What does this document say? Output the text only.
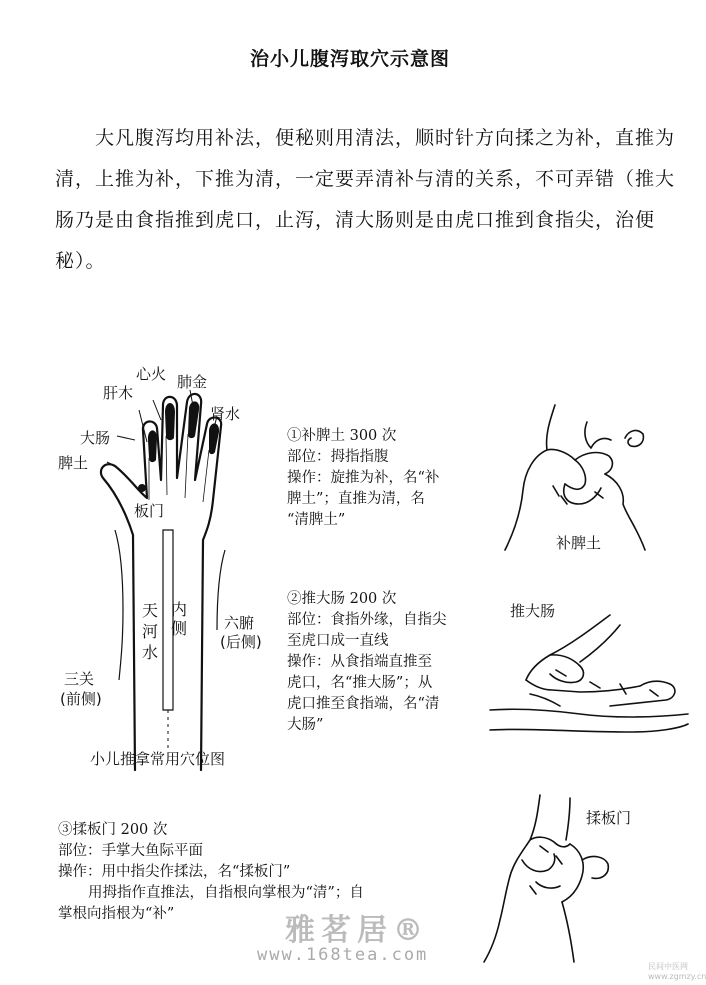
治小儿腹泻取穴示意图

大凡腹泻均用补法，便秘则用清法，顺时针方向揉之为补，直推为清，上推为补，下推为清，一定要弄清补与清的关系，不可弄错（推大肠乃是由食指推到虎口，止泻，清大肠则是由虎口推到食指尖，治便秘）。

心火 肺金
肝木
肾水
大肠
脾土
板门
天河水
内侧 六腑
(后侧)
三关
(前侧)
小儿推拿常用穴位图
①补脾土 300 次
部位：拇指指腹
操作：旋推为补，名“补
脾土”；直推为清，名
“清脾土”
②推大肠 200 次
部位：食指外缘，自指尖
至虎口成一直线
操作：从食指端直推至
虎口，名“推大肠”；从
虎口推至食指端，名“清
大肠”
③揉板门 200 次
部位：手掌大鱼际平面
操作：用中指尖作揉法，名“揉板门”
用拇指作直推法，自指根向掌根为“清”；自
掌根向指根为“补”
补脾土
推大肠
揉板门
雅茗居®
www.168tea.com
民间中医网
www.zgmzy.cn
